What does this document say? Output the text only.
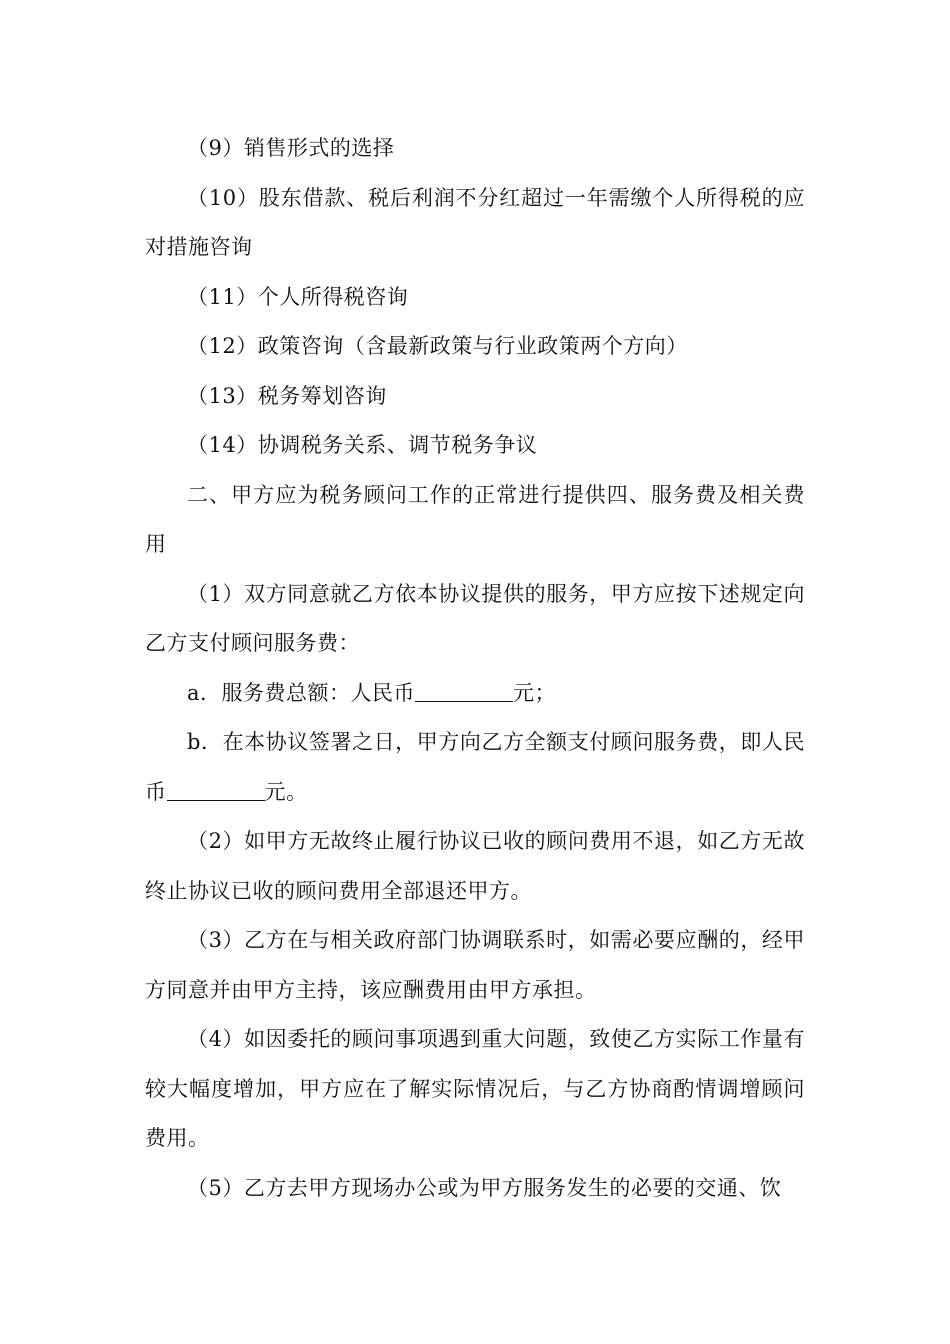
（9）销售形式的选择

（10）股东借款、税后利润不分红超过一年需缴个人所得税的应对措施咨询

（11）个人所得税咨询

（12）政策咨询（含最新政策与行业政策两个方向）

（13）税务筹划咨询

（14）协调税务关系、调节税务争议

二、甲方应为税务顾问工作的正常进行提供四、服务费及相关费用

（1）双方同意就乙方依本协议提供的服务，甲方应按下述规定向乙方支付顾问服务费：

a．服务费总额：人民币	元；

b．在本协议签署之日，甲方向乙方全额支付顾问服务费，即人民币	元。

（2）如甲方无故终止履行协议已收的顾问费用不退，如乙方无故终止协议已收的顾问费用全部退还甲方。

（3）乙方在与相关政府部门协调联系时，如需必要应酬的，经甲方同意并由甲方主持，该应酬费用由甲方承担。

（4）如因委托的顾问事项遇到重大问题，致使乙方实际工作量有较大幅度增加，甲方应在了解实际情况后，与乙方协商酌情调增顾问费用。

（5）乙方去甲方现场办公或为甲方服务发生的必要的交通、饮
